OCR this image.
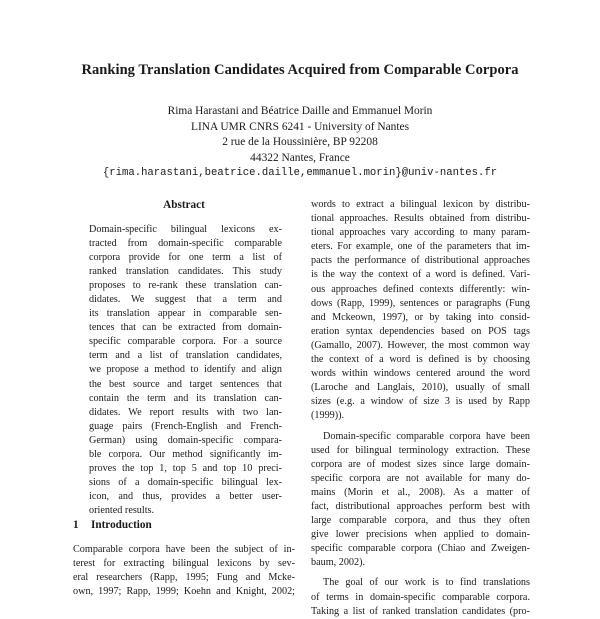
Ranking Translation Candidates Acquired from Comparable Corpora
Rima Harastani and Béatrice Daille and Emmanuel Morin
LINA UMR CNRS 6241 - University of Nantes
2 rue de la Houssinière, BP 92208
44322 Nantes, France
{rima.harastani,beatrice.daille,emmanuel.morin}@univ-nantes.fr
Abstract
Domain-specific bilingual lexicons ex-
tracted from domain-specific comparable
corpora provide for one term a list of
ranked translation candidates. This study
proposes to re-rank these translation can-
didates. We suggest that a term and
its translation appear in comparable sen-
tences that can be extracted from domain-
specific comparable corpora. For a source
term and a list of translation candidates,
we propose a method to identify and align
the best source and target sentences that
contain the term and its translation can-
didates. We report results with two lan-
guage pairs (French-English and French-
German) using domain-specific compara-
ble corpora. Our method significantly im-
proves the top 1, top 5 and top 10 preci-
sions of a domain-specific bilingual lex-
icon, and thus, provides a better user-
oriented results.
1 Introduction
Comparable corpora have been the subject of in-
terest for extracting bilingual lexicons by sev-
eral researchers (Rapp, 1995; Fung and Mcke-
own, 1997; Rapp, 1999; Koehn and Knight, 2002;
words to extract a bilingual lexicon by distribu-
tional approaches. Results obtained from distribu-
tional approaches vary according to many param-
eters. For example, one of the parameters that im-
pacts the performance of distributional approaches
is the way the context of a word is defined. Vari-
ous approaches defined contexts differently: win-
dows (Rapp, 1999), sentences or paragraphs (Fung
and Mckeown, 1997), or by taking into consid-
eration syntax dependencies based on POS tags
(Gamallo, 2007). However, the most common way
the context of a word is defined is by choosing
words within windows centered around the word
(Laroche and Langlais, 2010), usually of small
sizes (e.g. a window of size 3 is used by Rapp
(1999)).
Domain-specific comparable corpora have been
used for bilingual terminology extraction. These
corpora are of modest sizes since large domain-
specific corpora are not available for many do-
mains (Morin et al., 2008). As a matter of
fact, distributional approaches perform best with
large comparable corpora, and thus they often
give lower precisions when applied to domain-
specific comparable corpora (Chiao and Zweigen-
baum, 2002).
The goal of our work is to find translations
of terms in domain-specific comparable corpora.
Taking a list of ranked translation candidates (pro-
